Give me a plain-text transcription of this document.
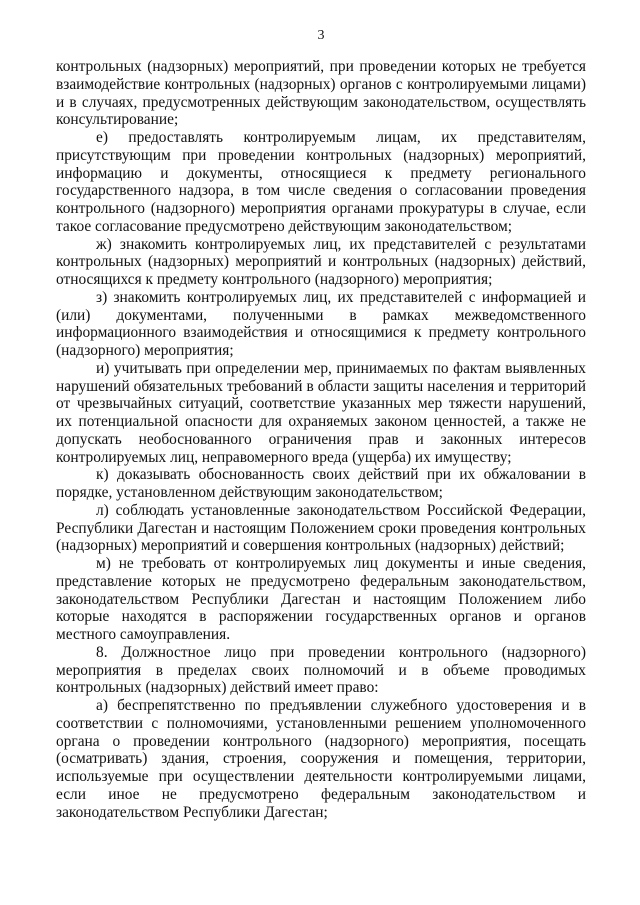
3

контрольных (надзорных) мероприятий, при проведении которых не требуется взаимодействие контрольных (надзорных) органов с контролируемыми лицами) и в случаях, предусмотренных действующим законодательством, осуществлять консультирование;

е) предоставлять контролируемым лицам, их представителям, присутствующим при проведении контрольных (надзорных) мероприятий, информацию и документы, относящиеся к предмету регионального государственного надзора, в том числе сведения о согласовании проведения контрольного (надзорного) мероприятия органами прокуратуры в случае, если такое согласование предусмотрено действующим законодательством;

ж) знакомить контролируемых лиц, их представителей с результатами контрольных (надзорных) мероприятий и контрольных (надзорных) действий, относящихся к предмету контрольного (надзорного) мероприятия;

з) знакомить контролируемых лиц, их представителей с информацией и (или) документами, полученными в рамках межведомственного информационного взаимодействия и относящимися к предмету контрольного (надзорного) мероприятия;

и) учитывать при определении мер, принимаемых по фактам выявленных нарушений обязательных требований в области защиты населения и территорий от чрезвычайных ситуаций, соответствие указанных мер тяжести нарушений, их потенциальной опасности для охраняемых законом ценностей, а также не допускать необоснованного ограничения прав и законных интересов контролируемых лиц, неправомерного вреда (ущерба) их имуществу;

к) доказывать обоснованность своих действий при их обжаловании в порядке, установленном действующим законодательством;

л) соблюдать установленные законодательством Российской Федерации, Республики Дагестан и настоящим Положением сроки проведения контрольных (надзорных) мероприятий и совершения контрольных (надзорных) действий;

м) не требовать от контролируемых лиц документы и иные сведения, представление которых не предусмотрено федеральным законодательством, законодательством Республики Дагестан и настоящим Положением либо которые находятся в распоряжении государственных органов и органов местного самоуправления.

8. Должностное лицо при проведении контрольного (надзорного) мероприятия в пределах своих полномочий и в объеме проводимых контрольных (надзорных) действий имеет право:

а) беспрепятственно по предъявлении служебного удостоверения и в соответствии с полномочиями, установленными решением уполномоченного органа о проведении контрольного (надзорного) мероприятия, посещать (осматривать) здания, строения, сооружения и помещения, территории, используемые при осуществлении деятельности контролируемыми лицами, если иное не предусмотрено федеральным законодательством и законодательством Республики Дагестан;
